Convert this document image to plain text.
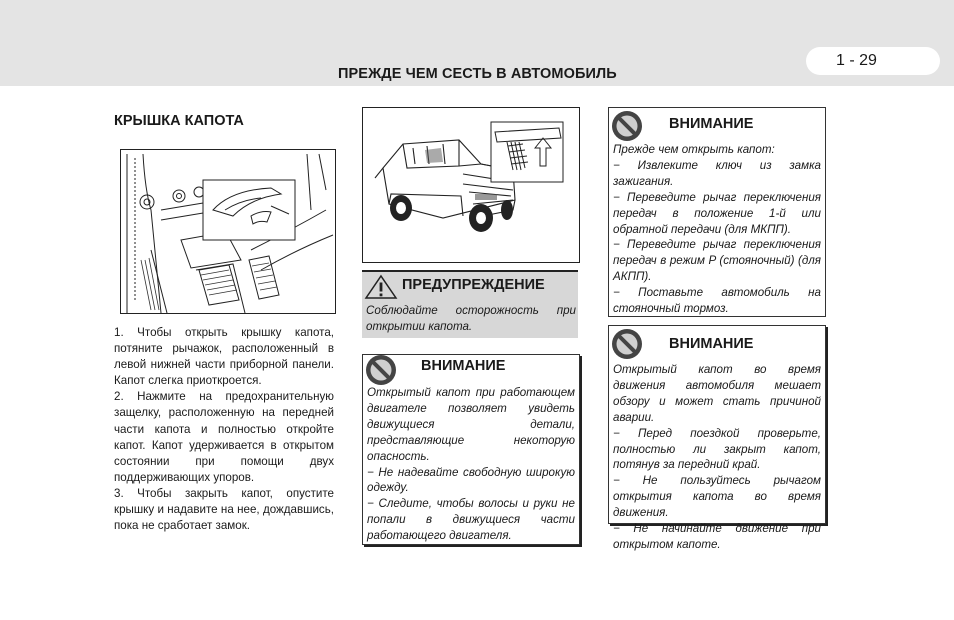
1 - 29
ПРЕЖДЕ ЧЕМ СЕСТЬ В АВТОМОБИЛЬ
КРЫШКА КАПОТА

1. Чтобы открыть крышку капота, потяните рычажок, расположенный в левой нижней части приборной панели. Капот слегка приоткроется.

2. Нажмите на предохранительную защелку, расположенную на передней части капота и полностью откройте капот. Капот удерживается в открытом состоянии при помощи двух поддерживающих упоров.

3. Чтобы закрыть капот, опустите крышку и надавите на нее, дождавшись, пока не сработает замок.

ПРЕДУПРЕЖДЕНИЕ
Соблюдайте осторожность при открытии капота.
ВНИМАНИЕ

Открытый капот при работающем двигателе позволяет увидеть движущиеся детали, представляющие некоторую опасность.

− Не надевайте свободную широкую одежду.

− Следите, чтобы волосы и руки не попали в движущиеся части работающего двигателя.

ВНИМАНИЕ

Прежде чем открыть капот:

− Извлеките ключ из замка зажигания.

− Переведите рычаг переключения передач в положение 1-й или обратной передачи (для МКПП).

− Переведите рычаг переключения передач в режим P (стояночный) (для АКПП).

− Поставьте автомобиль на стояночный тормоз.

ВНИМАНИЕ

Открытый капот во время движения автомобиля мешает обзору и может стать причиной аварии.

− Перед поездкой проверьте, полностью ли закрыт капот, потянув за передний край.

− Не пользуйтесь рычагом открытия капота во время движения.

− Не начинайте движение при открытом капоте.
